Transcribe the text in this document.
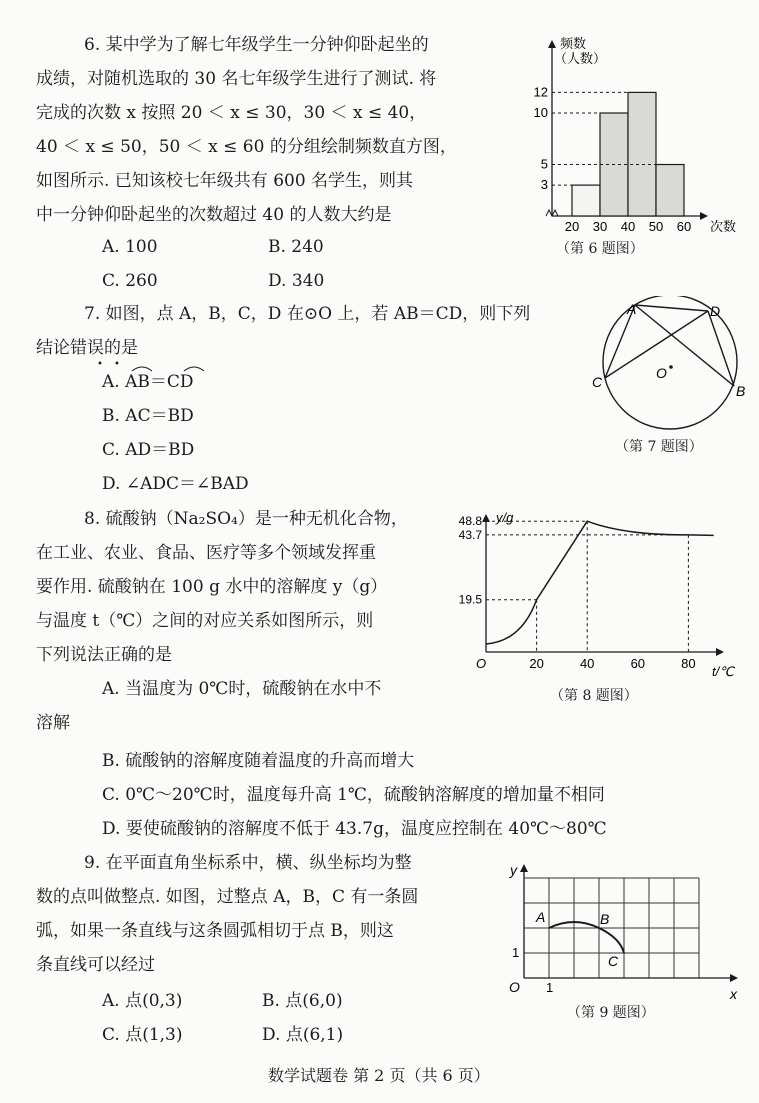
6. 某中学为了解七年级学生一分钟仰卧起坐的
成绩，对随机选取的 30 名七年级学生进行了测试. 将
完成的次数 x 按照 20 ＜ x ≤ 30，30 ＜ x ≤ 40，
40 ＜ x ≤ 50，50 ＜ x ≤ 60 的分组绘制频数直方图，
如图所示. 已知该校七年级共有 600 名学生，则其
中一分钟仰卧起坐的次数超过 40 的人数大约是
A. 100	B. 240
C. 260	D. 340
频数
（人数）
3
5
10
12
20 30 40 50 60 次数
（第 6 题图）
7. 如图，点 A，B，C，D 在⊙O 上，若 AB＝CD，则下列
结论错误的是
• •
A. AB＝CD
B. AC＝BD
C. AD＝BD
D. ∠ADC＝∠BAD
A	D
C
B
O
（第 7 题图）
8. 硫酸钠（Na₂SO₄）是一种无机化合物，
在工业、农业、食品、医疗等多个领域发挥重
要作用. 硫酸钠在 100 g 水中的溶解度 y（g）
与温度 t（℃）之间的对应关系如图所示，则
下列说法正确的是
A. 当温度为 0℃时，硫酸钠在水中不
溶解
B. 硫酸钠的溶解度随着温度的升高而增大
C. 0℃～20℃时，温度每升高 1℃，硫酸钠溶解度的增加量不相同
D. 要使硫酸钠的溶解度不低于 43.7g，温度应控制在 40℃～80℃
y/g
t/℃
O
19.5
43.7
48.8
20	40	60	80
（第 8 题图）
9. 在平面直角坐标系中，横、纵坐标均为整
数的点叫做整点. 如图，过整点 A，B，C 有一条圆
弧，如果一条直线与这条圆弧相切于点 B，则这
条直线可以经过
A. 点(0,3)	B. 点(6,0)
C. 点(1,3)	D. 点(6,1)
A	B
C
O 1
1
x
y
（第 9 题图）
数学试题卷 第 2 页（共 6 页）
